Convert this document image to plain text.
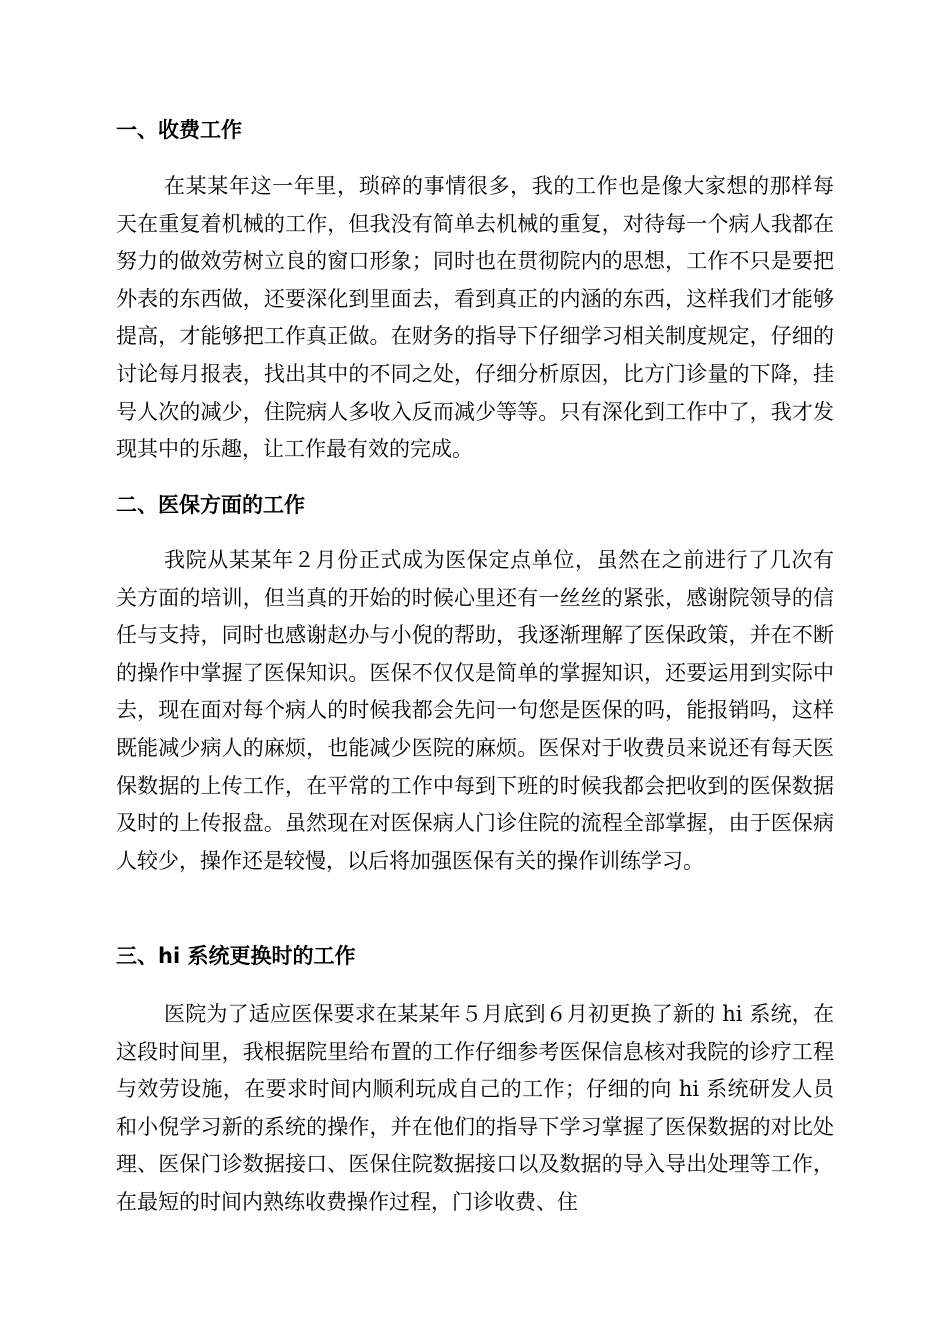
一、收费工作

在某某年这一年里，琐碎的事情很多，我的工作也是像大家想的那样每天在重复着机械的工作，但我没有简单去机械的重复，对待每一个病人我都在努力的做效劳树立良的窗口形象；同时也在贯彻院内的思想，工作不只是要把外表的东西做，还要深化到里面去，看到真正的内涵的东西，这样我们才能够提高，才能够把工作真正做。在财务的指导下仔细学习相关制度规定，仔细的讨论每月报表，找出其中的不同之处，仔细分析原因，比方门诊量的下降，挂号人次的减少，住院病人多收入反而减少等等。只有深化到工作中了，我才发现其中的乐趣，让工作最有效的完成。

二、医保方面的工作

我院从某某年２月份正式成为医保定点单位，虽然在之前进行了几次有关方面的培训，但当真的开始的时候心里还有一丝丝的紧张，感谢院领导的信任与支持，同时也感谢赵办与小倪的帮助，我逐渐理解了医保政策，并在不断的操作中掌握了医保知识。医保不仅仅是简单的掌握知识，还要运用到实际中去，现在面对每个病人的时候我都会先问一句您是医保的吗，能报销吗，这样既能减少病人的麻烦，也能减少医院的麻烦。医保对于收费员来说还有每天医保数据的上传工作，在平常的工作中每到下班的时候我都会把收到的医保数据及时的上传报盘。虽然现在对医保病人门诊住院的流程全部掌握，由于医保病人较少，操作还是较慢，以后将加强医保有关的操作训练学习。

三、hi 系统更换时的工作

医院为了适应医保要求在某某年５月底到６月初更换了新的 hi 系统，在这段时间里，我根据院里给布置的工作仔细参考医保信息核对我院的诊疗工程与效劳设施，在要求时间内顺利玩成自己的工作；仔细的向 hi 系统研发人员和小倪学习新的系统的操作，并在他们的指导下学习掌握了医保数据的对比处理、医保门诊数据接口、医保住院数据接口以及数据的导入导出处理等工作，在最短的时间内熟练收费操作过程，门诊收费、住
